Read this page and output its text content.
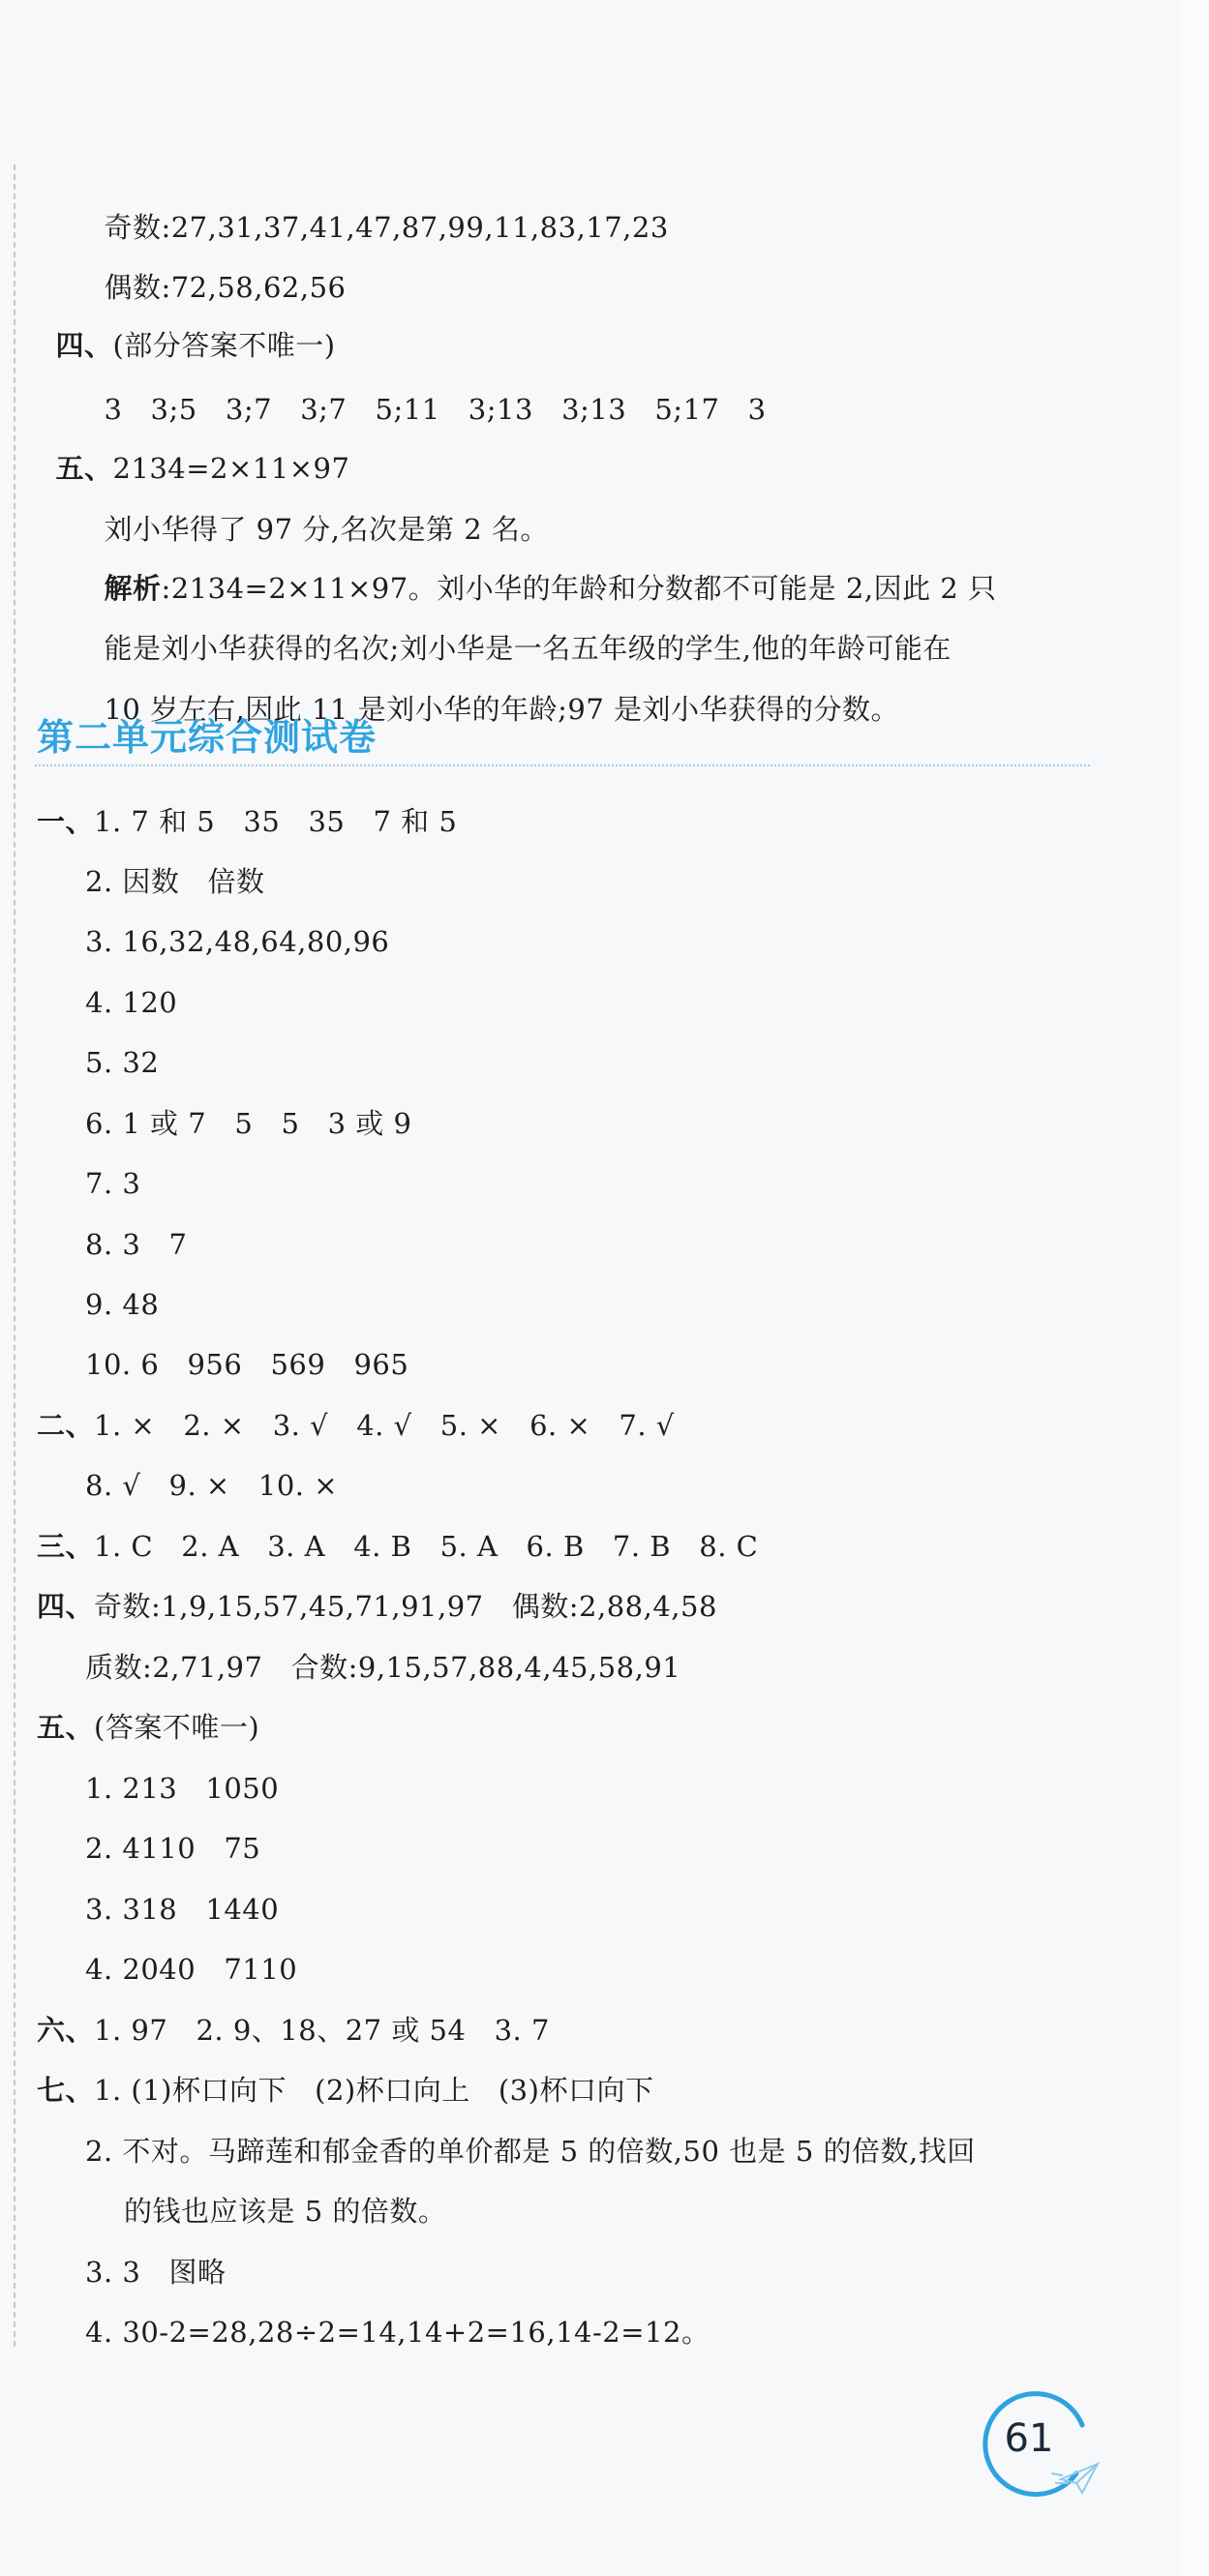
奇数:27,31,37,41,47,87,99,11,83,17,23

偶数:72,58,62,56

四、(部分答案不唯一)

3   3;5   3;7   3;7   5;11   3;13   3;13   5;17   3

五、2134=2×11×97

刘小华得了 97 分,名次是第 2 名。

解析:2134=2×11×97。刘小华的年龄和分数都不可能是 2,因此 2 只

能是刘小华获得的名次;刘小华是一名五年级的学生,他的年龄可能在

10 岁左右,因此 11 是刘小华的年龄;97 是刘小华获得的分数。

第二单元综合测试卷
一、1. 7 和 5   35   35   7 和 5
2. 因数   倍数
3. 16,32,48,64,80,96
4. 120
5. 32
6. 1 或 7   5   5   3 或 9
7. 3
8. 3   7
9. 48
10. 6   956   569   965
二、1. ×   2. ×   3. √   4. √   5. ×   6. ×   7. √
8. √   9. ×   10. ×
三、1. C   2. A   3. A   4. B   5. A   6. B   7. B   8. C
四、奇数:1,9,15,57,45,71,91,97   偶数:2,88,4,58
质数:2,71,97   合数:9,15,57,88,4,45,58,91
五、(答案不唯一)
1. 213   1050
2. 4110   75
3. 318   1440
4. 2040   7110
六、1. 97   2. 9、18、27 或 54   3. 7
七、1. (1)杯口向下   (2)杯口向上   (3)杯口向下
2. 不对。马蹄莲和郁金香的单价都是 5 的倍数,50 也是 5 的倍数,找回
的钱也应该是 5 的倍数。
3. 3   图略
4. 30-2=28,28÷2=14,14+2=16,14-2=12。
61
